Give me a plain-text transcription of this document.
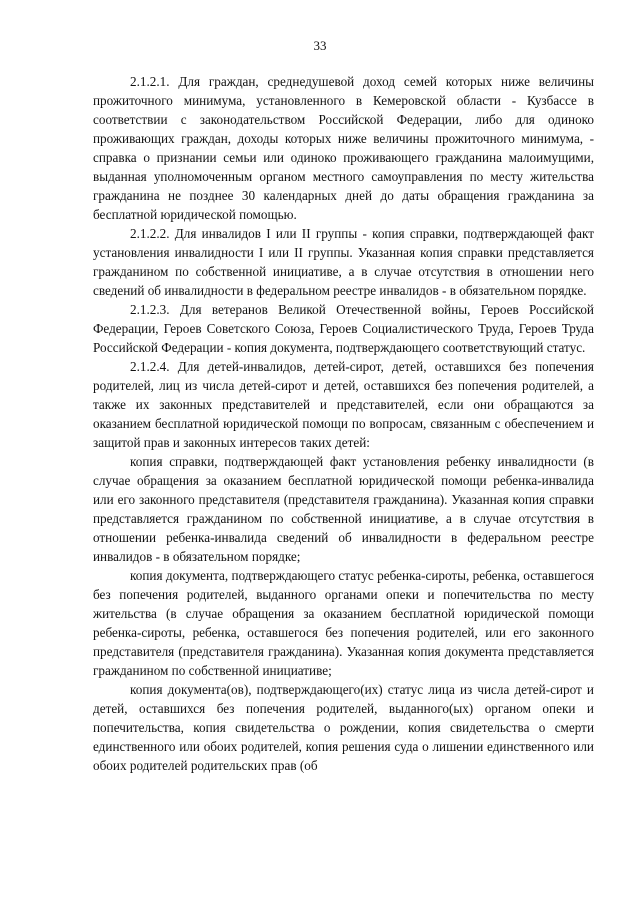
33

2.1.2.1. Для граждан, среднедушевой доход семей которых ниже величины прожиточного минимума, установленного в Кемеровской области - Кузбассе в соответствии с законодательством Российской Федерации, либо для одиноко проживающих граждан, доходы которых ниже величины прожиточного минимума, - справка о признании семьи или одиноко проживающего гражданина малоимущими, выданная уполномоченным органом местного самоуправления по месту жительства гражданина не позднее 30 календарных дней до даты обращения гражданина за бесплатной юридической помощью.

2.1.2.2. Для инвалидов I или II группы - копия справки, подтверждающей факт установления инвалидности I или II группы. Указанная копия справки представляется гражданином по собственной инициативе, а в случае отсутствия в отношении него сведений об инвалидности в федеральном реестре инвалидов - в обязательном порядке.

2.1.2.3. Для ветеранов Великой Отечественной войны, Героев Российской Федерации, Героев Советского Союза, Героев Социалистического Труда, Героев Труда Российской Федерации - копия документа, подтверждающего соответствующий статус.

2.1.2.4. Для детей-инвалидов, детей-сирот, детей, оставшихся без попечения родителей, лиц из числа детей-сирот и детей, оставшихся без попечения родителей, а также их законных представителей и представителей, если они обращаются за оказанием бесплатной юридической помощи по вопросам, связанным с обеспечением и защитой прав и законных интересов таких детей:

копия справки, подтверждающей факт установления ребенку инвалидности (в случае обращения за оказанием бесплатной юридической помощи ребенка-инвалида или его законного представителя (представителя гражданина). Указанная копия справки представляется гражданином по собственной инициативе, а в случае отсутствия в отношении ребенка-инвалида сведений об инвалидности в федеральном реестре инвалидов - в обязательном порядке;

копия документа, подтверждающего статус ребенка-сироты, ребенка, оставшегося без попечения родителей, выданного органами опеки и попечительства по месту жительства (в случае обращения за оказанием бесплатной юридической помощи ребенка-сироты, ребенка, оставшегося без попечения родителей, или его законного представителя (представителя гражданина). Указанная копия документа представляется гражданином по собственной инициативе;

копия документа(ов), подтверждающего(их) статус лица из числа детей-сирот и детей, оставшихся без попечения родителей, выданного(ых) органом опеки и попечительства, копия свидетельства о рождении, копия свидетельства о смерти единственного или обоих родителей, копия решения суда о лишении единственного или обоих родителей родительских прав (об
